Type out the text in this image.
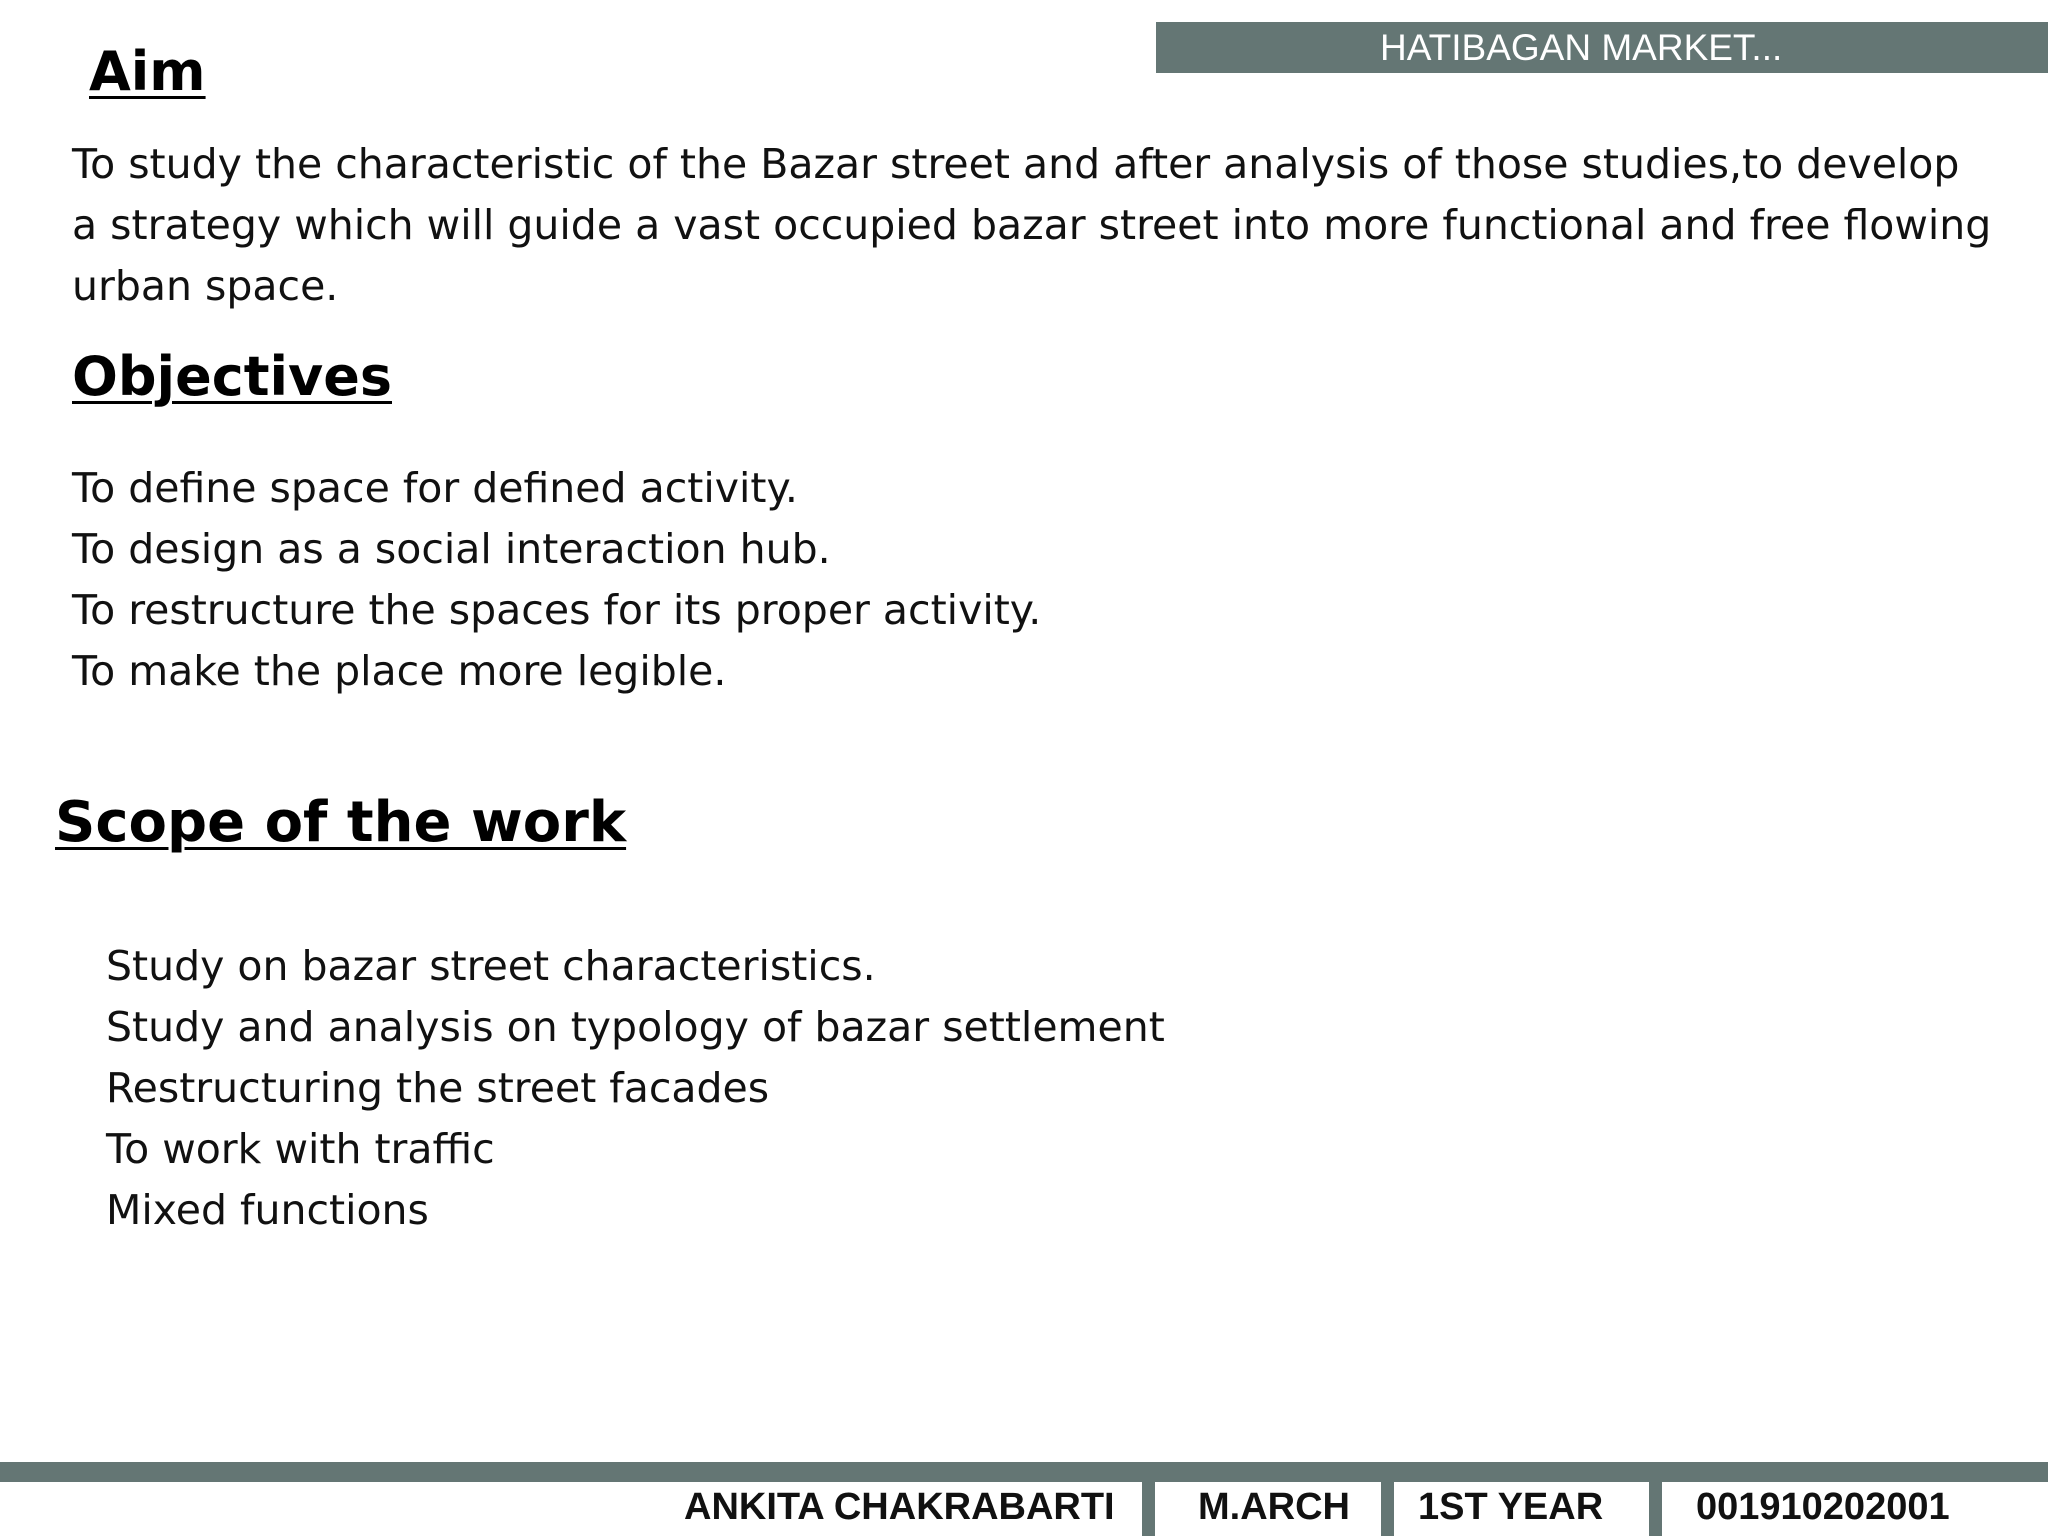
HATIBAGAN MARKET...
Aim
To study the characteristic of the Bazar street and after analysis of those studies,to develop a strategy which will guide a vast occupied bazar street into more functional and free flowing urban space.
Objectives
To define space for defined activity.
To design as a social interaction hub.
To restructure the spaces for its proper activity.
To make the place more legible.
Scope of the work
Study on bazar street characteristics.
Study and analysis on typology of bazar settlement
Restructuring the street facades
To work with traffic
Mixed functions
ANKITA CHAKRABARTI M.ARCH 1ST YEAR 001910202001
